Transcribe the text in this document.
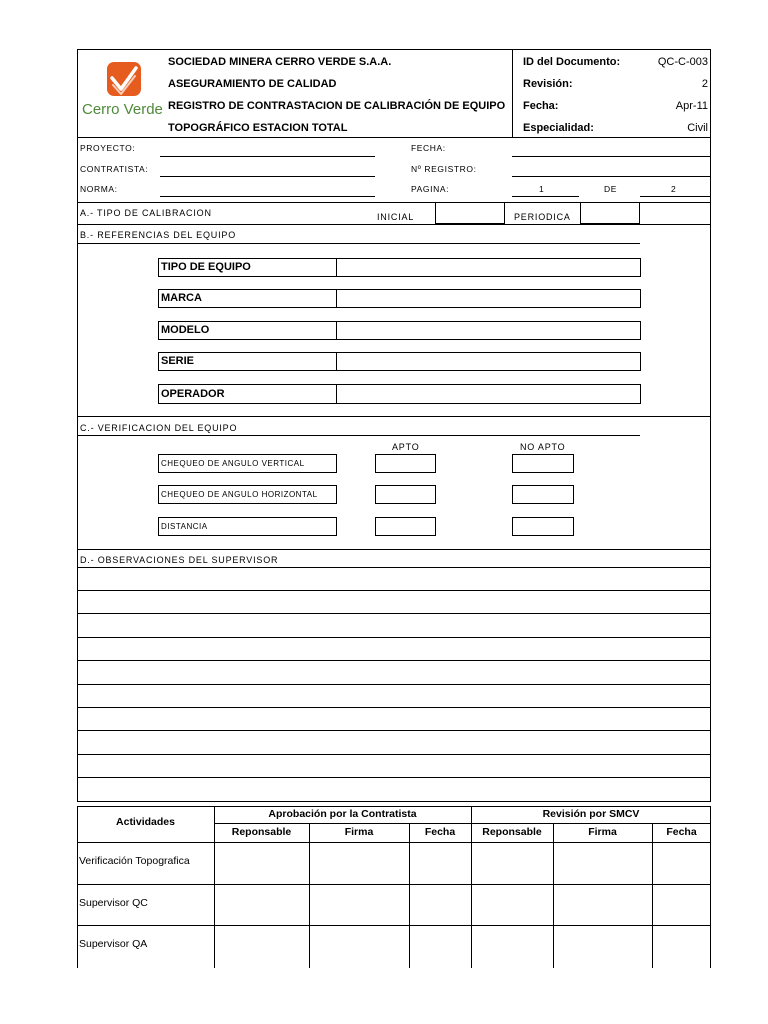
Cerro Verde
SOCIEDAD MINERA CERRO VERDE S.A.A.
ASEGURAMIENTO DE CALIDAD
REGISTRO DE CONTRASTACION DE CALIBRACIÓN DE EQUIPO
TOPOGRÁFICO ESTACION TOTAL
ID del Documento:	QC-C-003
Revisión:	2
Fecha:	Apr-11
Especialidad:	Civil
PROYECTO:
CONTRATISTA:
NORMA:
FECHA:
Nº REGISTRO:
PAGINA:	1	DE	2
A.- TIPO DE CALIBRACION	INICIAL	PERIODICA
B.- REFERENCIAS DEL EQUIPO
TIPO DE EQUIPO
MARCA
MODELO
SERIE
OPERADOR
C.- VERIFICACION DEL EQUIPO
APTO	NO APTO
CHEQUEO DE ANGULO VERTICAL
CHEQUEO DE ANGULO HORIZONTAL
DISTANCIA
D.- OBSERVACIONES DEL SUPERVISOR
Actividades
Aprobación por la Contratista	Revisión por SMCV
Reponsable	Firma	Fecha	Reponsable	Firma	Fecha
Verificación Topografica
Supervisor QC
Supervisor QA
